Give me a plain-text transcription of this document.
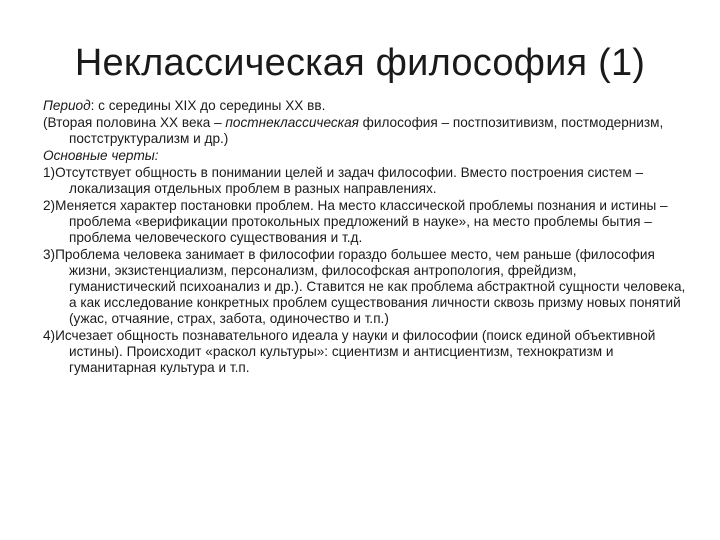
Неклассическая философия (1)

Период: с середины XIX до середины XX вв.

(Вторая половина XX века – постнеклассическая философия – постпозитивизм, постмодернизм, постструктурализм и др.)

Основные черты:

1)Отсутствует общность в понимании целей и задач философии. Вместо построения систем – локализация отдельных проблем в разных направлениях.

2)Меняется характер постановки проблем. На место классической проблемы познания и истины – проблема «верификации протокольных предложений в науке», на место проблемы бытия – проблема человеческого существования и т.д.

3)Проблема человека занимает в философии гораздо большее место, чем раньше (философия жизни, экзистенциализм, персонализм, философская антропология, фрейдизм, гуманистический психоанализ и др.). Ставится не как проблема абстрактной сущности человека, а как исследование конкретных проблем существования личности сквозь призму новых понятий (ужас, отчаяние, страх, забота, одиночество и т.п.)

4)Исчезает общность познавательного идеала у науки и философии (поиск единой объективной истины). Происходит «раскол культуры»: сциентизм и антисциентизм, технократизм и гуманитарная культура и т.п.
